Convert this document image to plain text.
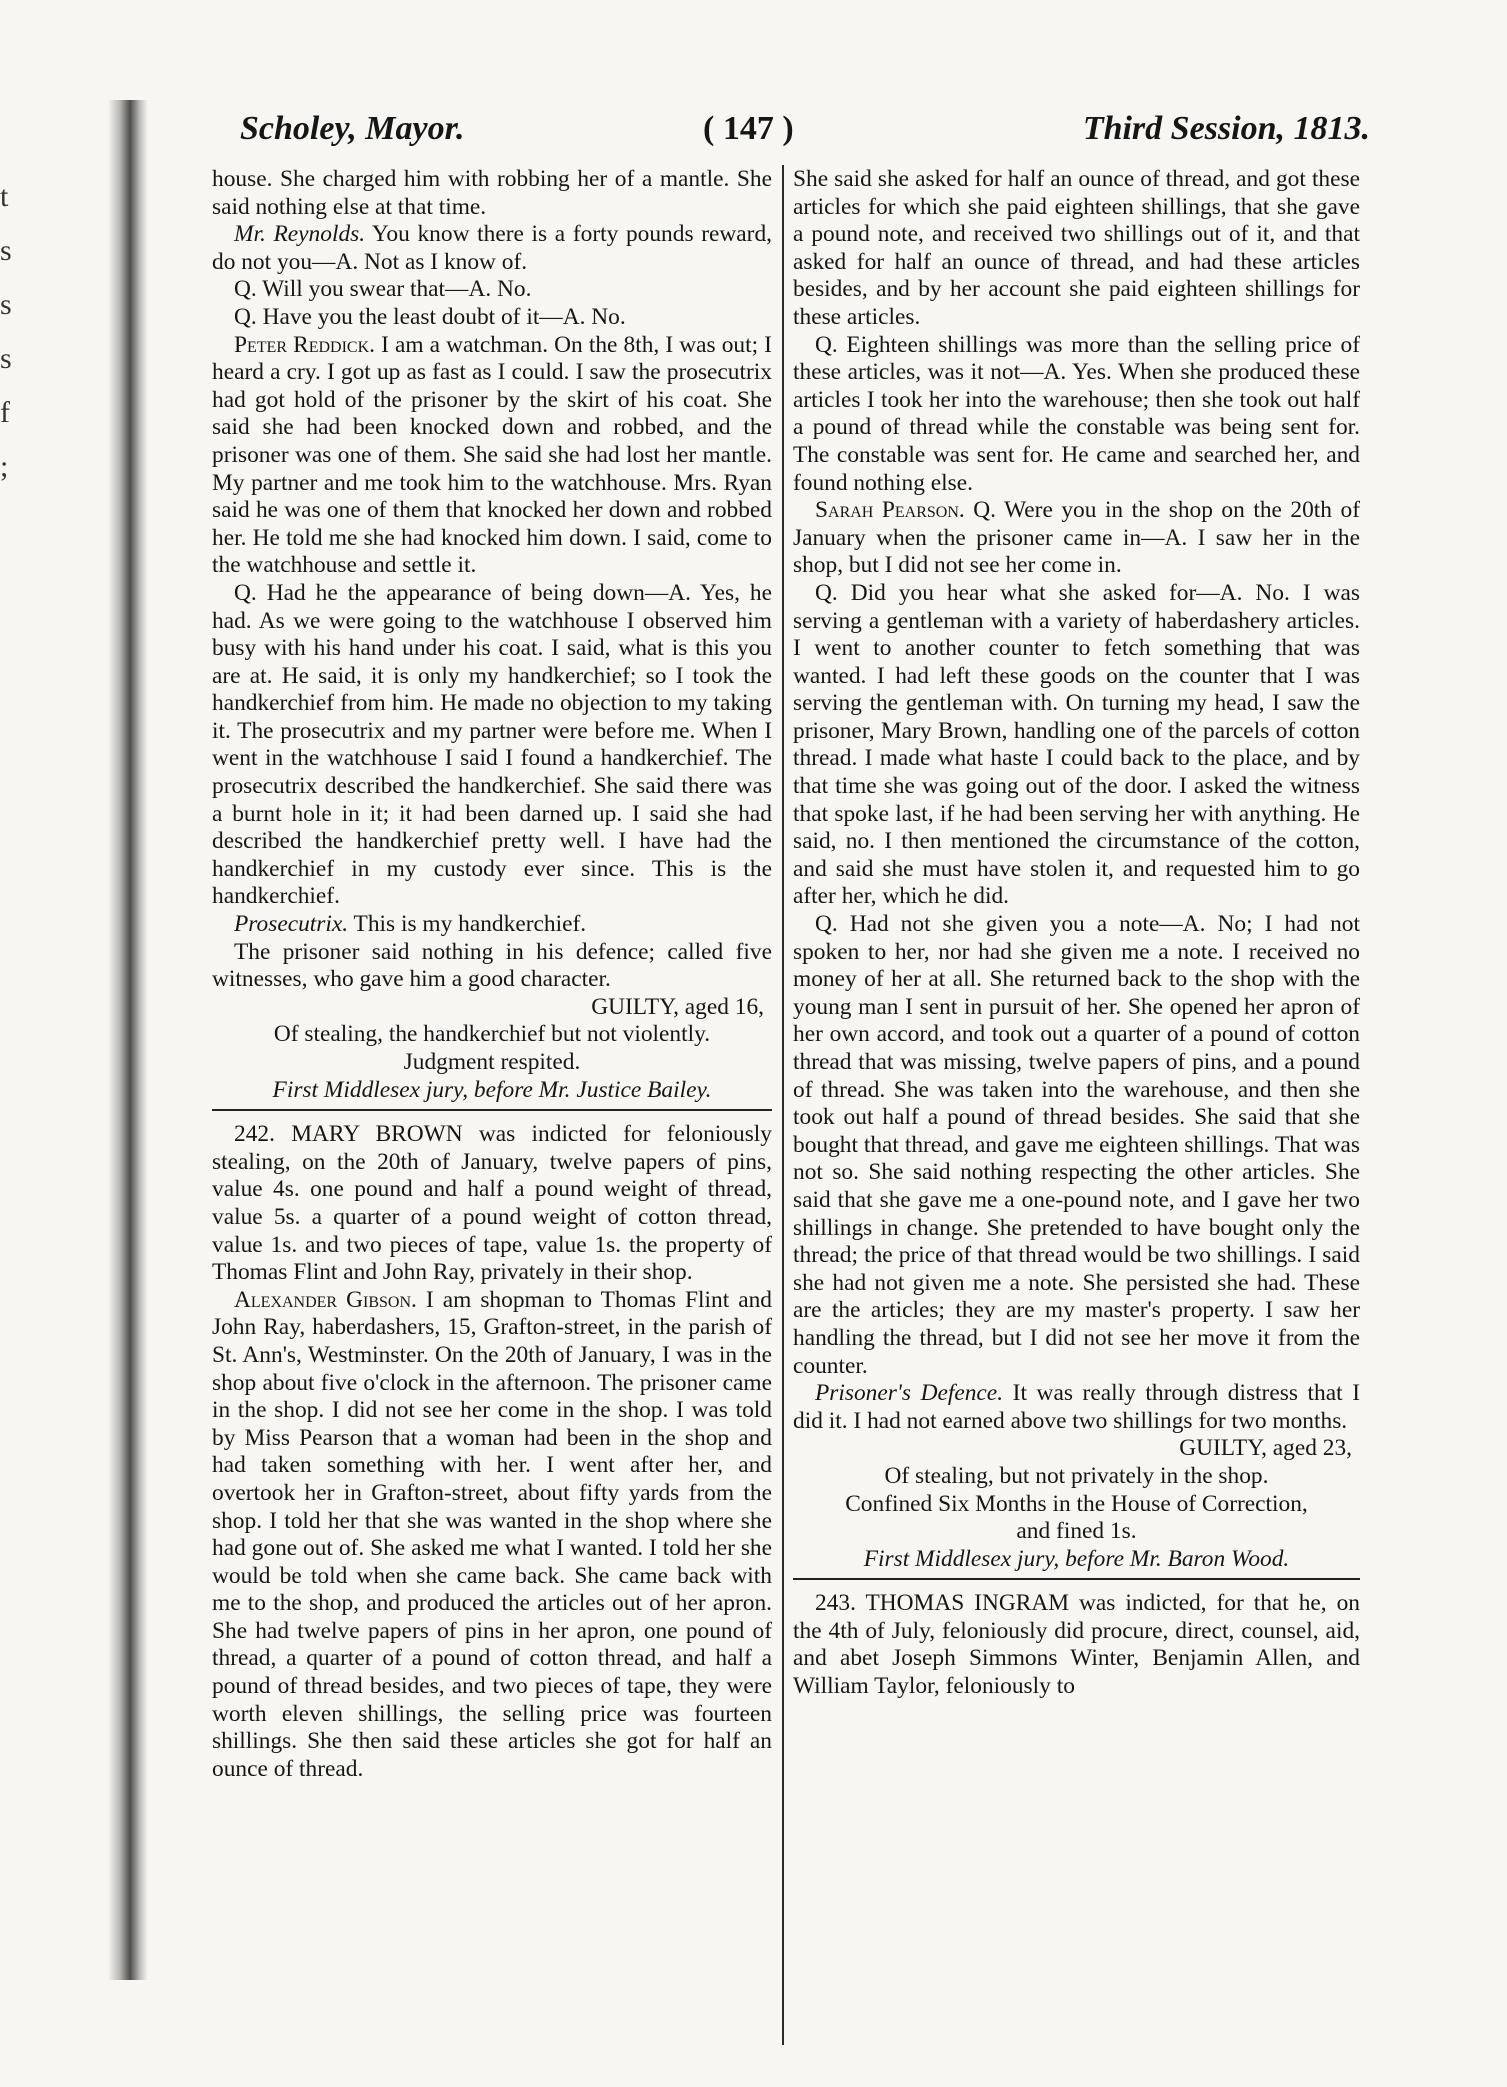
t
s
s
s
f
;
Scholey, Mayor.	( 147 )	Third Session, 1813.

house. She charged him with robbing her of a mantle. She said nothing else at that time.

Mr. Reynolds. You know there is a forty pounds reward, do not you—A. Not as I know of.

Q. Will you swear that—A. No.

Q. Have you the least doubt of it—A. No.

Peter Reddick. I am a watchman. On the 8th, I was out; I heard a cry. I got up as fast as I could. I saw the prosecutrix had got hold of the prisoner by the skirt of his coat. She said she had been knocked down and robbed, and the prisoner was one of them. She said she had lost her mantle. My partner and me took him to the watchhouse. Mrs. Ryan said he was one of them that knocked her down and robbed her. He told me she had knocked him down. I said, come to the watchhouse and settle it.

Q. Had he the appearance of being down—A. Yes, he had. As we were going to the watchhouse I observed him busy with his hand under his coat. I said, what is this you are at. He said, it is only my handkerchief; so I took the handkerchief from him. He made no objection to my taking it. The prosecutrix and my partner were before me. When I went in the watchhouse I said I found a handkerchief. The prosecutrix described the handkerchief. She said there was a burnt hole in it; it had been darned up. I said she had described the handkerchief pretty well. I have had the handkerchief in my custody ever since. This is the handkerchief.

Prosecutrix. This is my handkerchief.

The prisoner said nothing in his defence; called five witnesses, who gave him a good character.

GUILTY, aged 16,

Of stealing, the handkerchief but not violently.

Judgment respited.

First Middlesex jury, before Mr. Justice Bailey.

242. MARY BROWN was indicted for feloniously stealing, on the 20th of January, twelve papers of pins, value 4s. one pound and half a pound weight of thread, value 5s. a quarter of a pound weight of cotton thread, value 1s. and two pieces of tape, value 1s. the property of Thomas Flint and John Ray, privately in their shop.

Alexander Gibson. I am shopman to Thomas Flint and John Ray, haberdashers, 15, Grafton-street, in the parish of St. Ann's, Westminster. On the 20th of January, I was in the shop about five o'clock in the afternoon. The prisoner came in the shop. I did not see her come in the shop. I was told by Miss Pearson that a woman had been in the shop and had taken something with her. I went after her, and overtook her in Grafton-street, about fifty yards from the shop. I told her that she was wanted in the shop where she had gone out of. She asked me what I wanted. I told her she would be told when she came back. She came back with me to the shop, and produced the articles out of her apron. She had twelve papers of pins in her apron, one pound of thread, a quarter of a pound of cotton thread, and half a pound of thread besides, and two pieces of tape, they were worth eleven shillings, the selling price was fourteen shillings. She then said these articles she got for half an ounce of thread.

She said she asked for half an ounce of thread, and got these articles for which she paid eighteen shillings, that she gave a pound note, and received two shillings out of it, and that asked for half an ounce of thread, and had these articles besides, and by her account she paid eighteen shillings for these articles.

Q. Eighteen shillings was more than the selling price of these articles, was it not—A. Yes. When she produced these articles I took her into the warehouse; then she took out half a pound of thread while the constable was being sent for. The constable was sent for. He came and searched her, and found nothing else.

Sarah Pearson. Q. Were you in the shop on the 20th of January when the prisoner came in—A. I saw her in the shop, but I did not see her come in.

Q. Did you hear what she asked for—A. No. I was serving a gentleman with a variety of haberdashery articles. I went to another counter to fetch something that was wanted. I had left these goods on the counter that I was serving the gentleman with. On turning my head, I saw the prisoner, Mary Brown, handling one of the parcels of cotton thread. I made what haste I could back to the place, and by that time she was going out of the door. I asked the witness that spoke last, if he had been serving her with anything. He said, no. I then mentioned the circumstance of the cotton, and said she must have stolen it, and requested him to go after her, which he did.

Q. Had not she given you a note—A. No; I had not spoken to her, nor had she given me a note. I received no money of her at all. She returned back to the shop with the young man I sent in pursuit of her. She opened her apron of her own accord, and took out a quarter of a pound of cotton thread that was missing, twelve papers of pins, and a pound of thread. She was taken into the warehouse, and then she took out half a pound of thread besides. She said that she bought that thread, and gave me eighteen shillings. That was not so. She said nothing respecting the other articles. She said that she gave me a one-pound note, and I gave her two shillings in change. She pretended to have bought only the thread; the price of that thread would be two shillings. I said she had not given me a note. She persisted she had. These are the articles; they are my master's property. I saw her handling the thread, but I did not see her move it from the counter.

Prisoner's Defence. It was really through distress that I did it. I had not earned above two shillings for two months.

GUILTY, aged 23,

Of stealing, but not privately in the shop.

Confined Six Months in the House of Correction,

and fined 1s.

First Middlesex jury, before Mr. Baron Wood.

243. THOMAS INGRAM was indicted, for that he, on the 4th of July, feloniously did procure, direct, counsel, aid, and abet Joseph Simmons Winter, Benjamin Allen, and William Taylor, feloniously to
